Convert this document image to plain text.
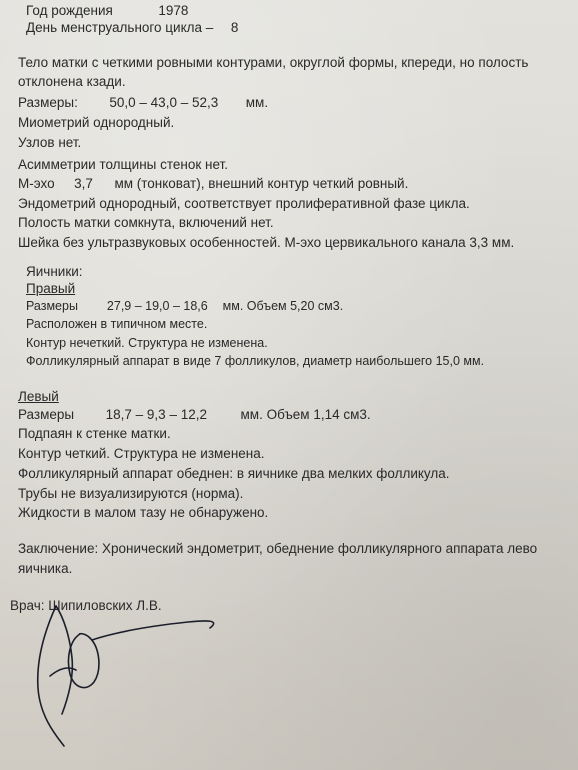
Год рождения	1978
День менструального цикла – 8
Тело матки с четкими ровными контурами, округлой формы, кпереди, но полость
отклонена кзади.
Размеры: 50,0 – 43,0 – 52,3 мм.
Миометрий однородный.
Узлов нет.
Асимметрии толщины стенок нет.
М-эхо 3,7 мм (тонковат), внешний контур четкий ровный.
Эндометрий однородный, соответствует пролиферативной фазе цикла.
Полость матки сомкнута, включений нет.
Шейка без ультразвуковых особенностей. М-эхо цервикального канала 3,3 мм.
Яичники:
Правый
Размеры 27,9 – 19,0 – 18,6 мм. Объем 5,20 см3.
Расположен в типичном месте.
Контур нечеткий. Структура не изменена.
Фолликулярный аппарат в виде 7 фолликулов, диаметр наибольшего 15,0 мм.
Левый
Размеры 18,7 – 9,3 – 12,2 мм. Объем 1,14 см3.
Подпаян к стенке матки.
Контур четкий. Структура не изменена.
Фолликулярный аппарат обеднен: в яичнике два мелких фолликула.
Трубы не визуализируются (норма).
Жидкости в малом тазу не обнаружено.
Заключение: Хронический эндометрит, обеднение фолликулярного аппарата лево
яичника.
Врач: Шипиловских Л.В.
